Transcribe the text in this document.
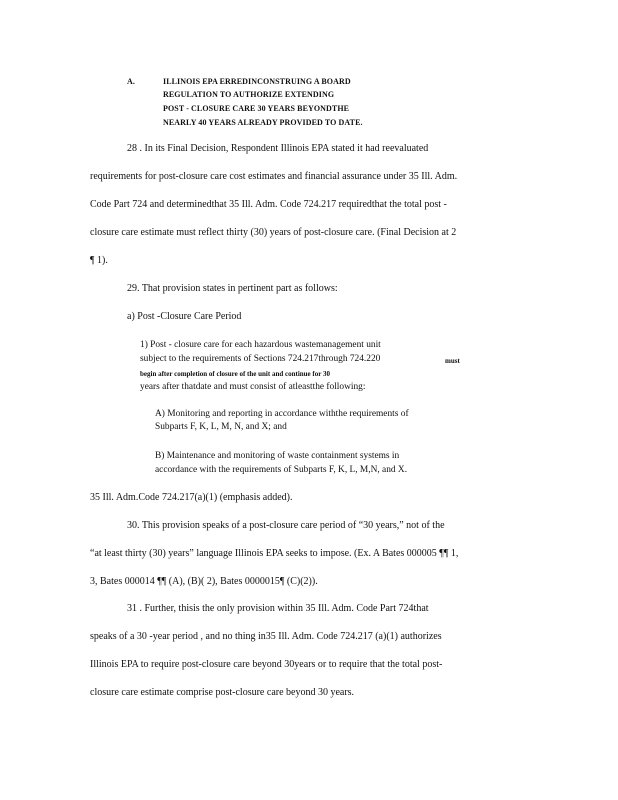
A.	ILLINOIS EPA ERREDINCONSTRUING A BOARD
REGULATION TO AUTHORIZE EXTENDING
POST - CLOSURE CARE 30 YEARS BEYONDTHE
NEARLY 40 YEARS ALREADY PROVIDED TO DATE.
28 . In its Final Decision, Respondent Illinois EPA stated it had reevaluated
requirements for post-closure care cost estimates and financial assurance under 35 Ill. Adm.
Code Part 724 and determinedthat 35 Ill. Adm. Code 724.217 requiredthat the total post -
closure care estimate must reflect thirty (30) years of post-closure care. (Final Decision at 2
¶ 1).
29. That provision states in pertinent part as follows:
a) Post -Closure Care Period
1) Post - closure care for each hazardous wastemanagement unit
subject to the requirements of Sections 724.217through 724.220	must
begin after completion of closure of the unit and continue for 30
years after thatdate and must consist of atleastthe following:
A) Monitoring and reporting in accordance withthe requirements of
Subparts F, K, L, M, N, and X; and
B) Maintenance and monitoring of waste containment systems in
accordance with the requirements of Subparts F, K, L, M,N, and X.
35 Ill. Adm.Code 724.217(a)(1) (emphasis added).
30. This provision speaks of a post-closure care period of “30 years,” not of the
“at least thirty (30) years” language Illinois EPA seeks to impose. (Ex. A Bates 000005 ¶¶ 1,
3, Bates 000014 ¶¶ (A), (B)( 2), Bates 0000015¶ (C)(2)).
31 . Further, thisis the only provision within 35 Ill. Adm. Code Part 724that
speaks of a 30 -year period , and no thing in35 Ill. Adm. Code 724.217 (a)(1) authorizes
Illinois EPA to require post-closure care beyond 30years or to require that the total post-
closure care estimate comprise post-closure care beyond 30 years.
